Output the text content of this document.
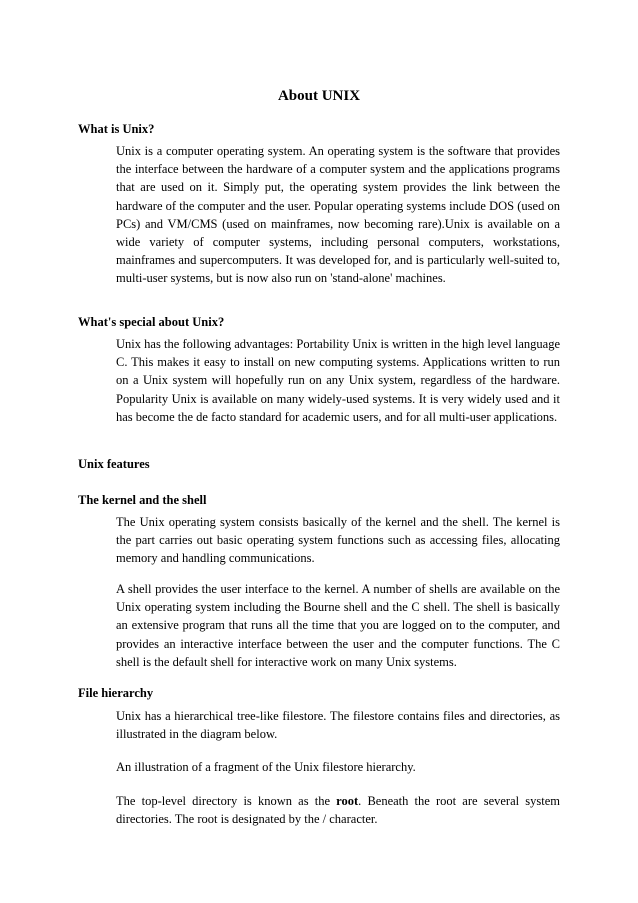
About UNIX
What is Unix?

Unix is a computer operating system. An operating system is the software that provides the interface between the hardware of a computer system and the applications programs that are used on it. Simply put, the operating system provides the link between the hardware of the computer and the user. Popular operating systems include DOS (used on PCs) and VM/CMS (used on mainframes, now becoming rare).Unix is available on a wide variety of computer systems, including personal computers, workstations, mainframes and supercomputers. It was developed for, and is particularly well-suited to, multi-user systems, but is now also run on 'stand-alone' machines.

What's special about Unix?

Unix has the following advantages: Portability Unix is written in the high level language C. This makes it easy to install on new computing systems. Applications written to run on a Unix system will hopefully run on any Unix system, regardless of the hardware. Popularity Unix is available on many widely-used systems. It is very widely used and it has become the de facto standard for academic users, and for all multi-user applications.

Unix features
The kernel and the shell

The Unix operating system consists basically of the kernel and the shell. The kernel is the part carries out basic operating system functions such as accessing files, allocating memory and handling communications.

A shell provides the user interface to the kernel. A number of shells are available on the Unix operating system including the Bourne shell and the C shell. The shell is basically an extensive program that runs all the time that you are logged on to the computer, and provides an interactive interface between the user and the computer functions. The C shell is the default shell for interactive work on many Unix systems.

File hierarchy

Unix has a hierarchical tree-like filestore. The filestore contains files and directories, as illustrated in the diagram below.

An illustration of a fragment of the Unix filestore hierarchy.

The top-level directory is known as the root. Beneath the root are several system directories. The root is designated by the / character.
